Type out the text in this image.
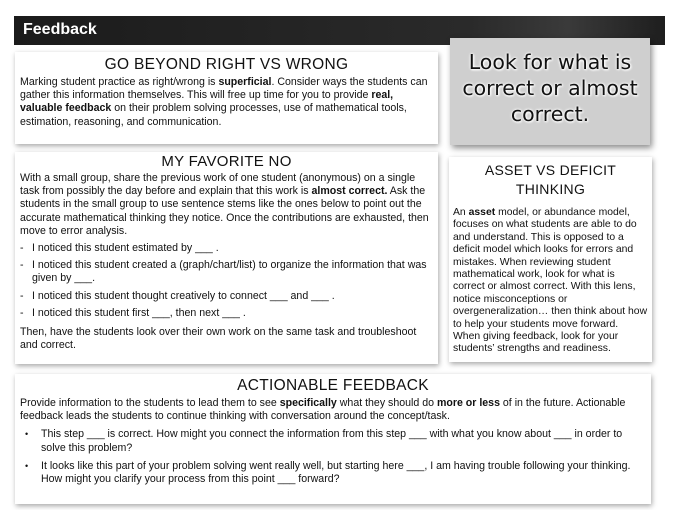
Feedback
GO BEYOND RIGHT VS WRONG

Marking student practice as right/wrong is superficial. Consider ways the students can gather this information themselves. This will free up time for you to provide real, valuable feedback on their problem solving processes, use of mathematical tools, estimation, reasoning, and communication.

Look for what is correct or almost correct.
MY FAVORITE NO

With a small group, share the previous work of one student (anonymous) on a single task from possibly the day before and explain that this work is almost correct. Ask the students in the small group to use sentence stems like the ones below to point out the accurate mathematical thinking they notice. Once the contributions are exhausted, then move to error analysis.

- I noticed this student estimated by ___ .
- I noticed this student created a (graph/chart/list) to organize the information that was given by ___.
- I noticed this student thought creatively to connect ___ and ___ .
- I noticed this student first ___, then next ___ .

Then, have the students look over their own work on the same task and troubleshoot and correct.

ASSET VS DEFICIT THINKING

An asset model, or abundance model, focuses on what students are able to do and understand. This is opposed to a deficit model which looks for errors and mistakes. When reviewing student mathematical work, look for what is correct or almost correct. With this lens, notice misconceptions or overgeneralization… then think about how to help your students move forward. When giving feedback, look for your students’ strengths and readiness.

ACTIONABLE FEEDBACK

Provide information to the students to lead them to see specifically what they should do more or less of in the future. Actionable feedback leads the students to continue thinking with conversation around the concept/task.

• This step ___ is correct. How might you connect the information from this step ___ with what you know about ___ in order to solve this problem?
• It looks like this part of your problem solving went really well, but starting here ___, I am having trouble following your thinking. How might you clarify your process from this point ___ forward?
